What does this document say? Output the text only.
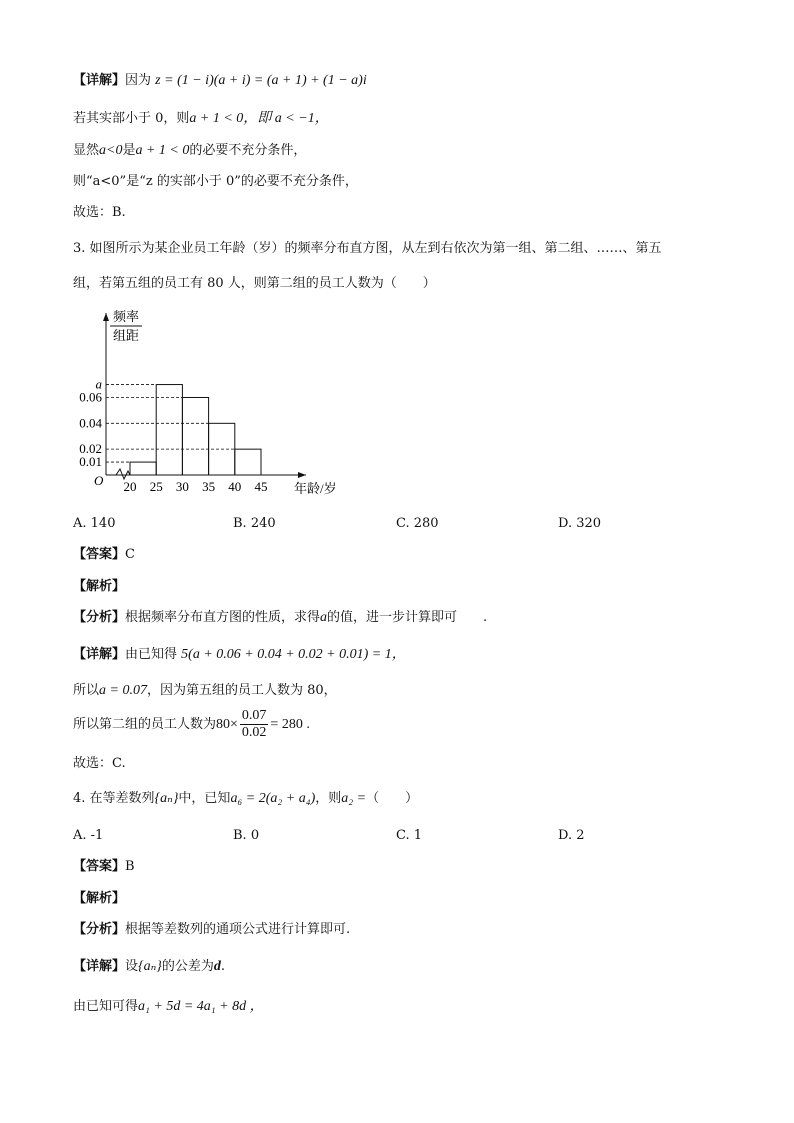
【详解】因为 z = (1 − i)(a + i) = (a + 1) + (1 − a)i
若其实部小于 0，则a + 1 < 0，即 a < −1，
显然a<0是a + 1 < 0的必要不充分条件，
则“a<0”是“z 的实部小于 0”的必要不充分条件，
故选：B.
3. 如图所示为某企业员工年龄（岁）的频率分布直方图，从左到右依次为第一组、第二组、……、第五
组，若第五组的员工有 80 人，则第二组的员工人数为（　　）
a
0.06
0.04
0.02
0.01
20 25 30 35 40 45
O
年龄/岁
频率
组距
A. 140	B. 240	C. 280	D. 320
【答案】C
【解析】
【分析】根据频率分布直方图的性质，求得a的值，进一步计算即可　　.
【详解】由已知得 5(a + 0.06 + 0.04 + 0.02 + 0.01) = 1，
所以a = 0.07，因为第五组的员工人数为 80，
所以第二组的员工人数为$80\times \frac{0.07}{0.02} = 280$ .
故选：C.
4. 在等差数列{aₙ}中，已知a₆ = 2(a₂ + a₄)，则a₂ =（　　）
A. -1	B. 0	C. 1	D. 2
【答案】B
【解析】
【分析】根据等差数列的通项公式进行计算即可.
【详解】设{aₙ}的公差为d.
由已知可得a₁ + 5d = 4a₁ + 8d ，
